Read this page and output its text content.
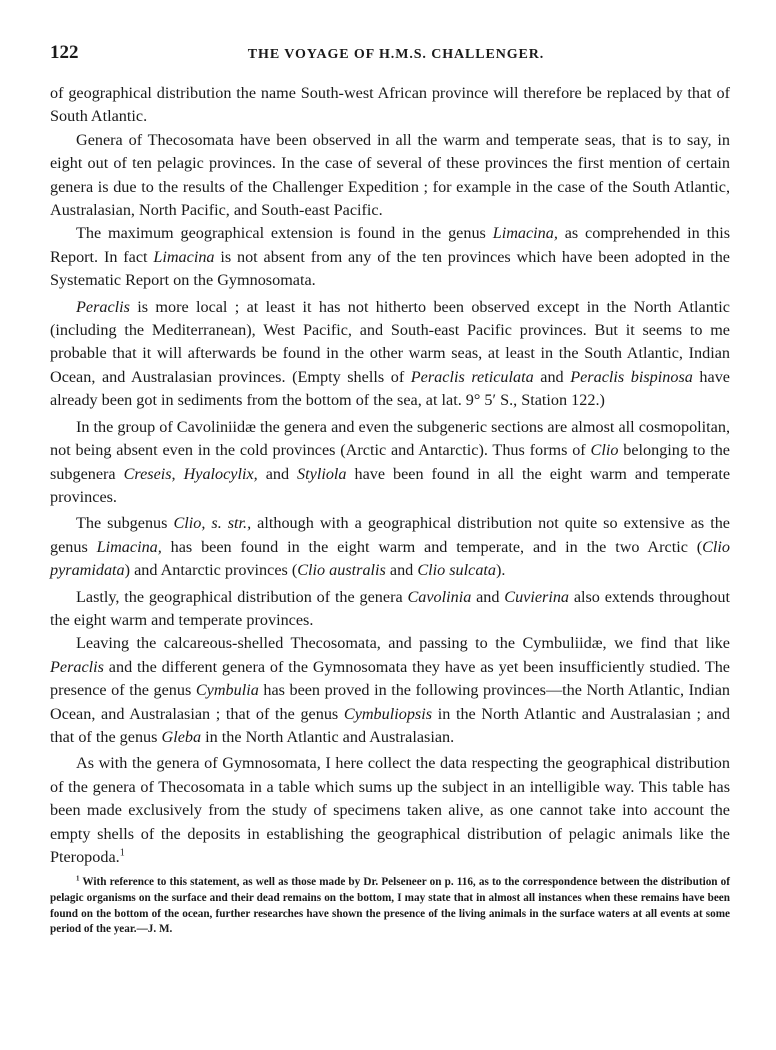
122	THE VOYAGE OF H.M.S. CHALLENGER.

of geographical distribution the name South-west African province will therefore be replaced by that of South Atlantic.

Genera of Thecosomata have been observed in all the warm and temperate seas, that is to say, in eight out of ten pelagic provinces. In the case of several of these provinces the first mention of certain genera is due to the results of the Challenger Expedition ; for example in the case of the South Atlantic, Australasian, North Pacific, and South-east Pacific.

The maximum geographical extension is found in the genus Limacina, as comprehended in this Report. In fact Limacina is not absent from any of the ten provinces which have been adopted in the Systematic Report on the Gymnosomata.

Peraclis is more local ; at least it has not hitherto been observed except in the North Atlantic (including the Mediterranean), West Pacific, and South-east Pacific provinces. But it seems to me probable that it will afterwards be found in the other warm seas, at least in the South Atlantic, Indian Ocean, and Australasian provinces. (Empty shells of Peraclis reticulata and Peraclis bispinosa have already been got in sediments from the bottom of the sea, at lat. 9° 5′ S., Station 122.)

In the group of Cavoliniidæ the genera and even the subgeneric sections are almost all cosmopolitan, not being absent even in the cold provinces (Arctic and Antarctic). Thus forms of Clio belonging to the subgenera Creseis, Hyalocylix, and Styliola have been found in all the eight warm and temperate provinces.

The subgenus Clio, s. str., although with a geographical distribution not quite so extensive as the genus Limacina, has been found in the eight warm and temperate, and in the two Arctic (Clio pyramidata) and Antarctic provinces (Clio australis and Clio sulcata).

Lastly, the geographical distribution of the genera Cavolinia and Cuvierina also extends throughout the eight warm and temperate provinces.

Leaving the calcareous-shelled Thecosomata, and passing to the Cymbuliidæ, we find that like Peraclis and the different genera of the Gymnosomata they have as yet been insufficiently studied. The presence of the genus Cymbulia has been proved in the following provinces—the North Atlantic, Indian Ocean, and Australasian ; that of the genus Cymbuliopsis in the North Atlantic and Australasian ; and that of the genus Gleba in the North Atlantic and Australasian.

As with the genera of Gymnosomata, I here collect the data respecting the geographical distribution of the genera of Thecosomata in a table which sums up the subject in an intelligible way. This table has been made exclusively from the study of specimens taken alive, as one cannot take into account the empty shells of the deposits in establishing the geographical distribution of pelagic animals like the Pteropoda.$^1$

$^1$ With reference to this statement, as well as those made by Dr. Pelseneer on p. 116, as to the correspondence between the distribution of pelagic organisms on the surface and their dead remains on the bottom, I may state that in almost all instances when these remains have been found on the bottom of the ocean, further researches have shown the presence of the living animals in the surface waters at all events at some period of the year.—J. M.
